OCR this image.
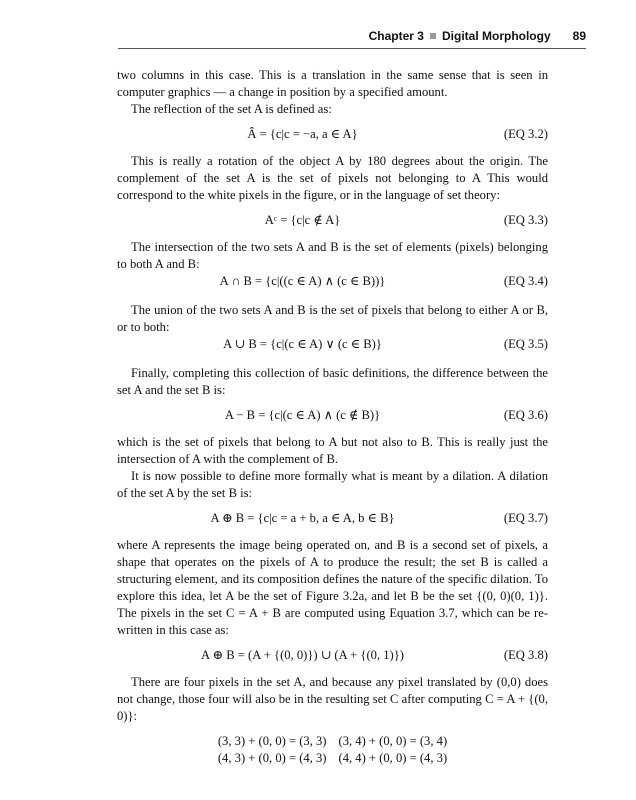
Chapter 3 Digital Morphology 89

two columns in this case. This is a translation in the same sense that is seen in computer graphics — a change in position by a specified amount.

The reflection of the set A is defined as:

Â = {c|c = −a, a ∈ A}	(EQ 3.2)

This is really a rotation of the object A by 180 degrees about the origin. The complement of the set A is the set of pixels not belonging to A This would correspond to the white pixels in the figure, or in the language of set theory:

Aᶜ = {c|c ∉ A}	(EQ 3.3)

The intersection of the two sets A and B is the set of elements (pixels) belonging to both A and B:

A ∩ B = {c|((c ∈ A) ∧ (c ∈ B))}	(EQ 3.4)

The union of the two sets A and B is the set of pixels that belong to either A or B, or to both:

A ∪ B = {c|(c ∈ A) ∨ (c ∈ B)}	(EQ 3.5)

Finally, completing this collection of basic definitions, the difference between the set A and the set B is:

A − B = {c|(c ∈ A) ∧ (c ∉ B)}	(EQ 3.6)

which is the set of pixels that belong to A but not also to B. This is really just the intersection of A with the complement of B.

It is now possible to define more formally what is meant by a dilation. A dilation of the set A by the set B is:

A ⊕ B = {c|c = a + b, a ∈ A, b ∈ B}	(EQ 3.7)

where A represents the image being operated on, and B is a second set of pixels, a shape that operates on the pixels of A to produce the result; the set B is called a structuring element, and its composition defines the nature of the specific dilation. To explore this idea, let A be the set of Figure 3.2a, and let B be the set {(0, 0)(0, 1)}. The pixels in the set C = A + B are computed using Equation 3.7, which can be re-written in this case as:

A ⊕ B = (A + {(0, 0)}) ∪ (A + {(0, 1)})	(EQ 3.8)

There are four pixels in the set A, and because any pixel translated by (0,0) does not change, those four will also be in the resulting set C after computing C = A + {(0, 0)}:

(3, 3) + (0, 0) = (3, 3) (3, 4) + (0, 0) = (3, 4)
(4, 3) + (0, 0) = (4, 3) (4, 4) + (0, 0) = (4, 3)
